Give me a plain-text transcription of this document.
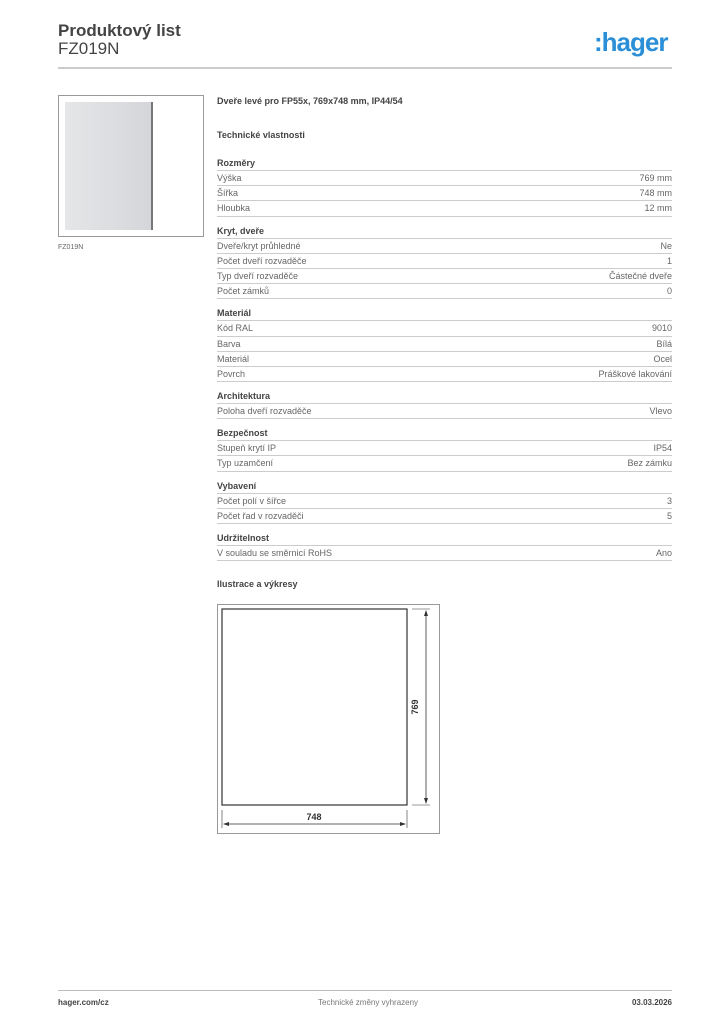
Produktový list
FZ019N	:hager
FZ019N
Dveře levé pro FP55x, 769x748 mm, IP44/54
Technické vlastnosti
Rozměry
Výška	769 mm
Šířka	748 mm
Hloubka	12 mm
Kryt, dveře
Dveře/kryt průhledné	Ne
Počet dveří rozvaděče	1
Typ dveří rozvaděče	Částečné dveře
Počet zámků	0
Materiál
Kód RAL	9010
Barva	Bílá
Materiál	Ocel
Povrch	Práškové lakování
Architektura
Poloha dveří rozvaděče	Vlevo
Bezpečnost
Stupeň krytí IP	IP54
Typ uzamčení	Bez zámku
Vybavení
Počet polí v šířce	3
Počet řad v rozvaděči	5
Udržitelnost
V souladu se směrnicí RoHS	Ano
Ilustrace a výkresy
769
748
hager.com/cz	Technické změny vyhrazeny	03.03.2026
